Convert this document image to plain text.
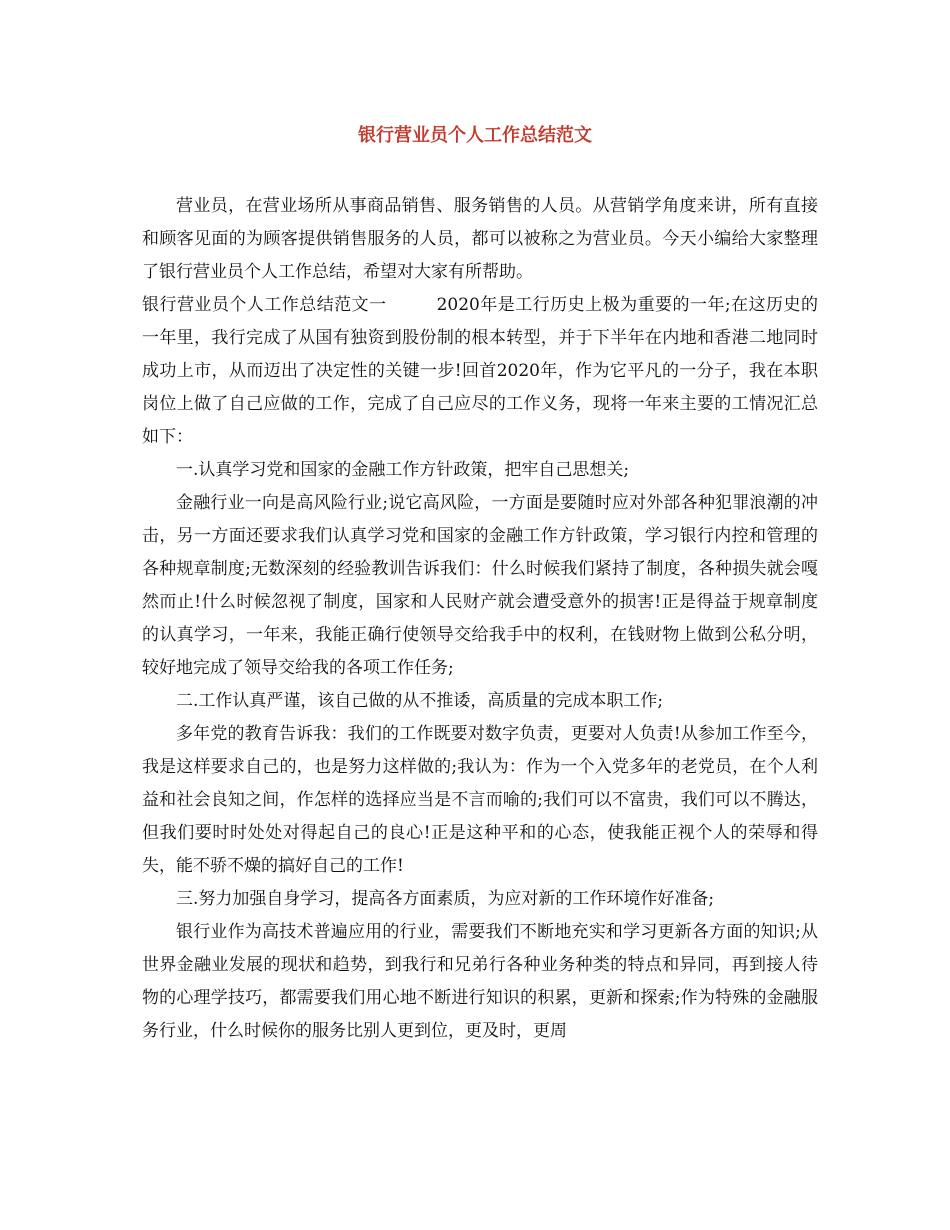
银行营业员个人工作总结范文

营业员，在营业场所从事商品销售、服务销售的人员。从营销学角度来讲，所有直接和顾客见面的为顾客提供销售服务的人员，都可以被称之为营业员。今天小编给大家整理了银行营业员个人工作总结，希望对大家有所帮助。

银行营业员个人工作总结范文一	2020年是工行历史上极为重要的一年;在这历史的一年里，我行完成了从国有独资到股份制的根本转型，并于下半年在内地和香港二地同时成功上市，从而迈出了决定性的关键一步!回首2020年，作为它平凡的一分子，我在本职岗位上做了自己应做的工作，完成了自己应尽的工作义务，现将一年来主要的工情况汇总如下：

一.认真学习党和国家的金融工作方针政策，把牢自己思想关;

金融行业一向是高风险行业;说它高风险，一方面是要随时应对外部各种犯罪浪潮的冲击，另一方面还要求我们认真学习党和国家的金融工作方针政策，学习银行内控和管理的各种规章制度;无数深刻的经验教训告诉我们：什么时候我们紧持了制度，各种损失就会嘎然而止!什么时候忽视了制度，国家和人民财产就会遭受意外的损害!正是得益于规章制度的认真学习，一年来，我能正确行使领导交给我手中的权利，在钱财物上做到公私分明，较好地完成了领导交给我的各项工作任务;

二.工作认真严谨，该自己做的从不推诿，高质量的完成本职工作;

多年党的教育告诉我：我们的工作既要对数字负责，更要对人负责!从参加工作至今，我是这样要求自己的，也是努力这样做的;我认为：作为一个入党多年的老党员，在个人利益和社会良知之间，作怎样的选择应当是不言而喻的;我们可以不富贵，我们可以不腾达，但我们要时时处处对得起自己的良心!正是这种平和的心态，使我能正视个人的荣辱和得失，能不骄不燥的搞好自己的工作!

三.努力加强自身学习，提高各方面素质，为应对新的工作环境作好准备;

银行业作为高技术普遍应用的行业，需要我们不断地充实和学习更新各方面的知识;从世界金融业发展的现状和趋势，到我行和兄弟行各种业务种类的特点和异同，再到接人待物的心理学技巧，都需要我们用心地不断进行知识的积累，更新和探索;作为特殊的金融服务行业，什么时候你的服务比别人更到位，更及时，更周
